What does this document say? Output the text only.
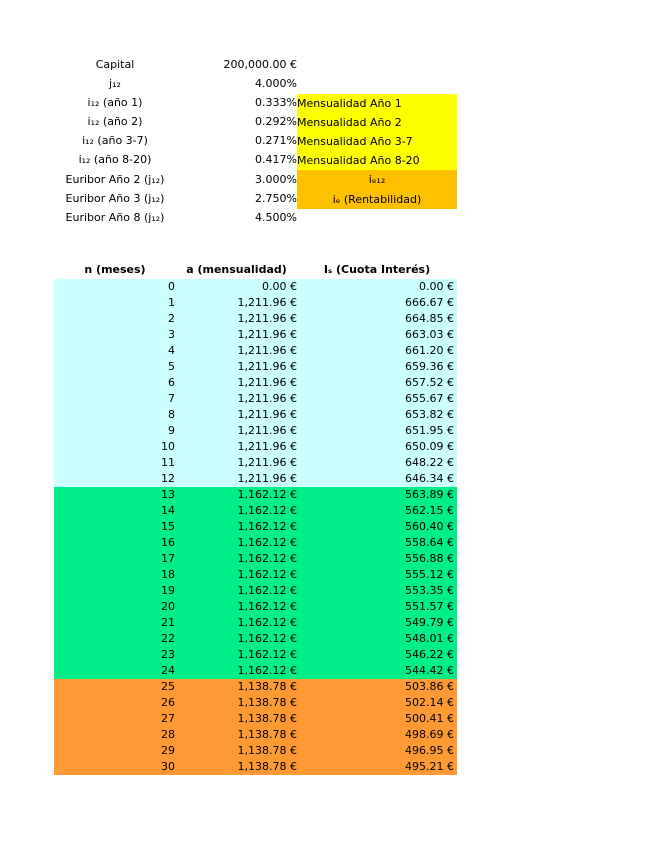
Capital	200,000.00 €
j₁₂	4.000%
i₁₂ (año 1)	0.333% Mensualidad Año 1
i₁₂ (año 2)	0.292% Mensualidad Año 2
i₁₂ (año 3-7)	0.271% Mensualidad Año 3-7
i₁₂ (año 8-20)	0.417% Mensualidad Año 8-20
Euribor Año 2 (j₁₂)	3.000%	iₑ₁₂
Euribor Año 3 (j₁₂)	2.750%	iₑ (Rentabilidad)
Euribor Año 8 (j₁₂)	4.500%
n (meses)	a (mensualidad)	Iₛ (Cuota Interés)
0	0.00 €	0.00 €
1	1,211.96 €	666.67 €
2	1,211.96 €	664.85 €
3	1,211.96 €	663.03 €
4	1,211.96 €	661.20 €
5	1,211.96 €	659.36 €
6	1,211.96 €	657.52 €
7	1,211.96 €	655.67 €
8	1,211.96 €	653.82 €
9	1,211.96 €	651.95 €
10	1,211.96 €	650.09 €
11	1,211.96 €	648.22 €
12	1,211.96 €	646.34 €
13	1,162.12 €	563.89 €
14	1,162.12 €	562.15 €
15	1,162.12 €	560.40 €
16	1,162.12 €	558.64 €
17	1,162.12 €	556.88 €
18	1,162.12 €	555.12 €
19	1,162.12 €	553.35 €
20	1,162.12 €	551.57 €
21	1,162.12 €	549.79 €
22	1,162.12 €	548.01 €
23	1,162.12 €	546.22 €
24	1,162.12 €	544.42 €
25	1,138.78 €	503.86 €
26	1,138.78 €	502.14 €
27	1,138.78 €	500.41 €
28	1,138.78 €	498.69 €
29	1,138.78 €	496.95 €
30	1,138.78 €	495.21 €
